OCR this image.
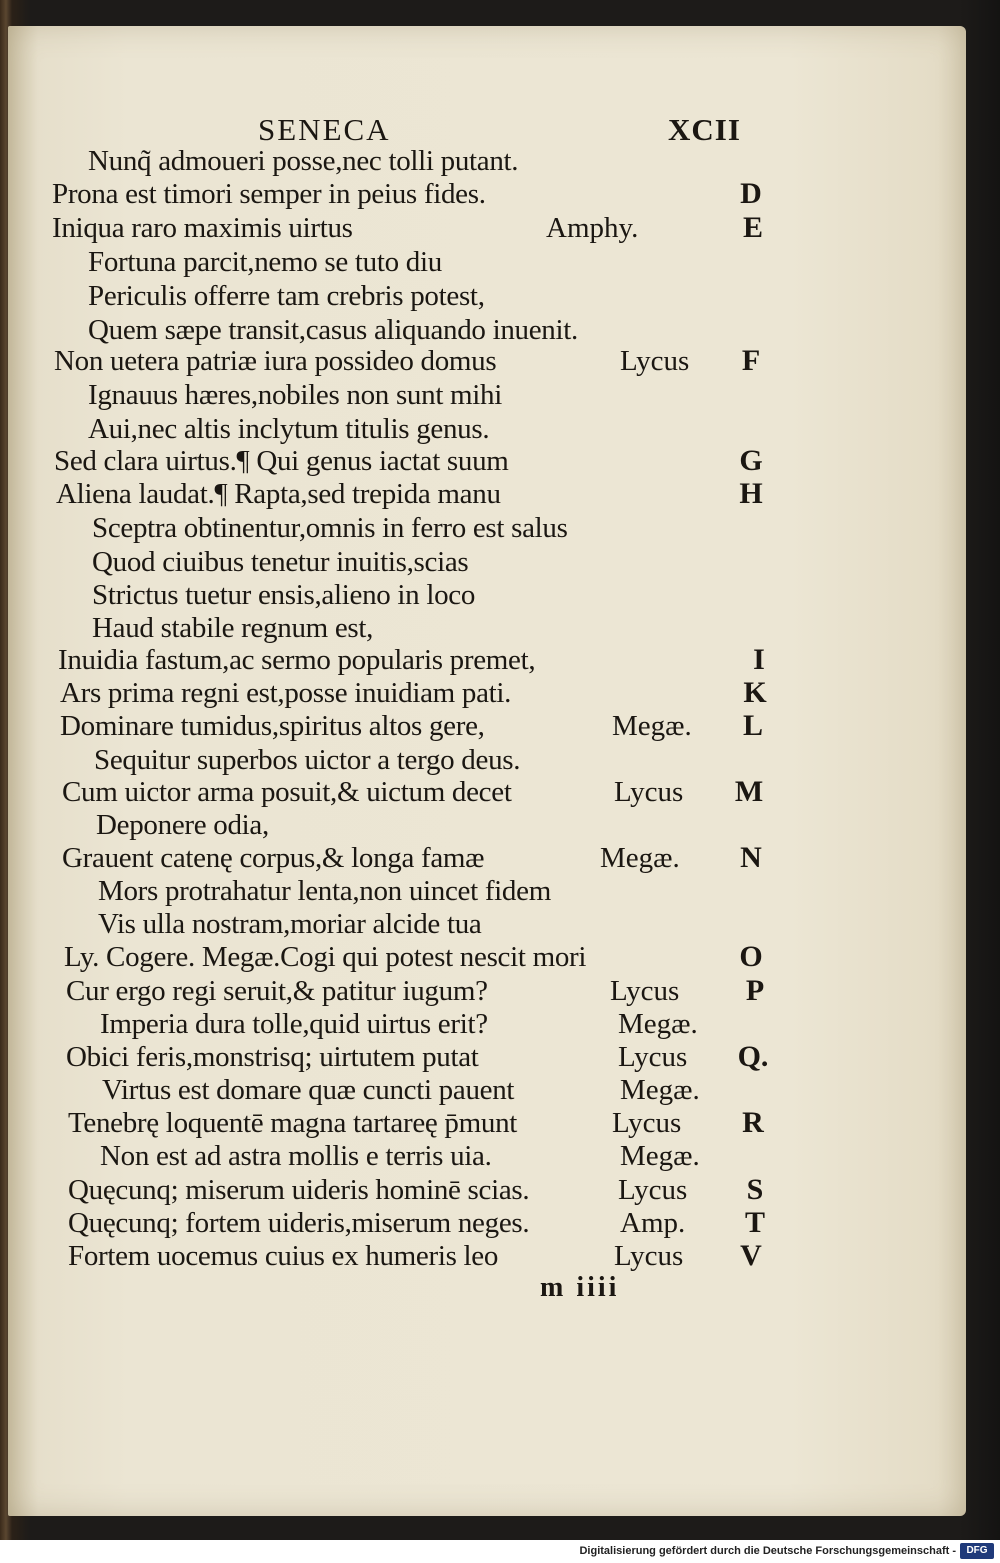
SENECA	XCII
Nunq̃ admoueri posse,nec tolli putant.
D
Prona est timori semper in peius fides.
Iniqua raro maximis uirtus	Amphy.	E
Fortuna parcit,nemo se tuto diu
Periculis offerre tam crebris potest,
Quem sæpe transit,casus aliquando inuenit.
Non uetera patriæ iura possideo domus	Lycus	F
Ignauus hæres,nobiles non sunt mihi
Aui,nec altis inclytum titulis genus.
Sed clara uirtus.¶ Qui genus iactat suum	G
Aliena laudat.¶ Rapta,sed trepida manu	H
Sceptra obtinentur,omnis in ferro est salus
Quod ciuibus tenetur inuitis,scias
Strictus tuetur ensis,alieno in loco
Haud stabile regnum est,
Inuidia fastum,ac sermo popularis premet,	I
Ars prima regni est,posse inuidiam pati.	K
Dominare tumidus,spiritus altos gere,	Megæ.	L
Sequitur superbos uictor a tergo deus.
Cum uictor arma posuit,& uictum decet	Lycus	M
Deponere odia,
Grauent catenę corpus,& longa famæ	Megæ.	N
Mors protrahatur lenta,non uincet fidem
Vis ulla nostram,moriar alcide tua
Ly. Cogere. Megæ.Cogi qui potest nescit mori	O
Cur ergo regi seruit,& patitur iugum?	Lycus	P
Imperia dura tolle,quid uirtus erit?	Megæ.
Obici feris,monstrisq; uirtutem putat	Lycus	Q.
Virtus est domare quæ cuncti pauent	Megæ.
Tenebrę loquentē magna tartareę p̄munt	Lycus	R
Non est ad astra mollis e terris uia.	Megæ.
Quęcunq; miserum uideris hominē scias.	Lycus	S
Quęcunq; fortem uideris,miserum neges.	Amp.	T
Fortem uocemus cuius ex humeris leo	Lycus	V
m iiii
Digitalisierung gefördert durch die Deutsche Forschungsgemeinschaft -	DFG
